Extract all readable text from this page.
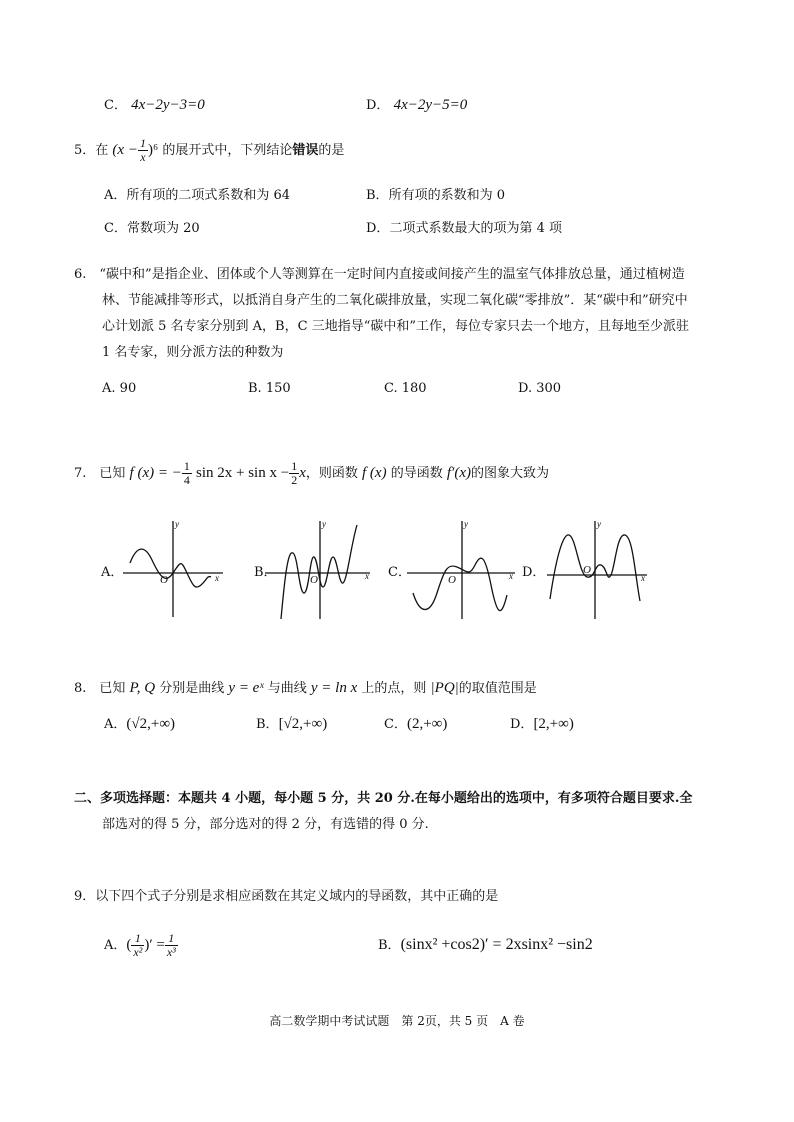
C． 4x−2y−3=0	D． 4x−2y−5=0
5．在 $(x - \frac{1}{x} )^6$ 的展开式中，下列结论错误的是
A．所有项的二项式系数和为 64	B．所有项的系数和为 0
C．常数项为 20	D．二项式系数最大的项为第 4 项
6.　“碳中和”是指企业、团体或个人等测算在一定时间内直接或间接产生的温室气体排放总量，通过植树造
林、节能减排等形式，以抵消自身产生的二氧化碳排放量，实现二氧化碳“零排放”．某“碳中和”研究中
心计划派 5 名专家分别到 A，B，C 三地指导“碳中和”工作，每位专家只去一个地方，且每地至少派驻
1 名专家，则分派方法的种数为
A. 90	B. 150	C. 180	D. 300
7.　已知 f (x) = − $\frac{1}{4}$ $\sin 2x + \sin x - \frac{1}{2}$ x，则函数 f (x) 的导函数 f′(x)的图象大致为
y
x
O
y
x
O
y
x
O
y
x
O
A．	B．	C．	D．
8.　已知 P, Q 分别是曲线 y = eˣ 与曲线 y = ln x 上的点，则 |PQ|的取值范围是
A．(√2,+∞)	B．[√2,+∞)	C．(2,+∞)	D．[2,+∞)
二、多项选择题：本题共 4 小题，每小题 5 分，共 20 分.在每小题给出的选项中，有多项符合题目要求.全
部选对的得 5 分，部分选对的得 2 分，有选错的得 0 分.
9．以下四个式子分别是求相应函数在其定义域内的导函数，其中正确的是
A．( $\frac{1}{\text{x²}}$ )′ = $\frac{1}{\text{x³}}$	B．(sinx² +cos2)′ = 2xsinx² −sin2
高二数学期中考试试题　第 2页，共 5 页　A 卷
